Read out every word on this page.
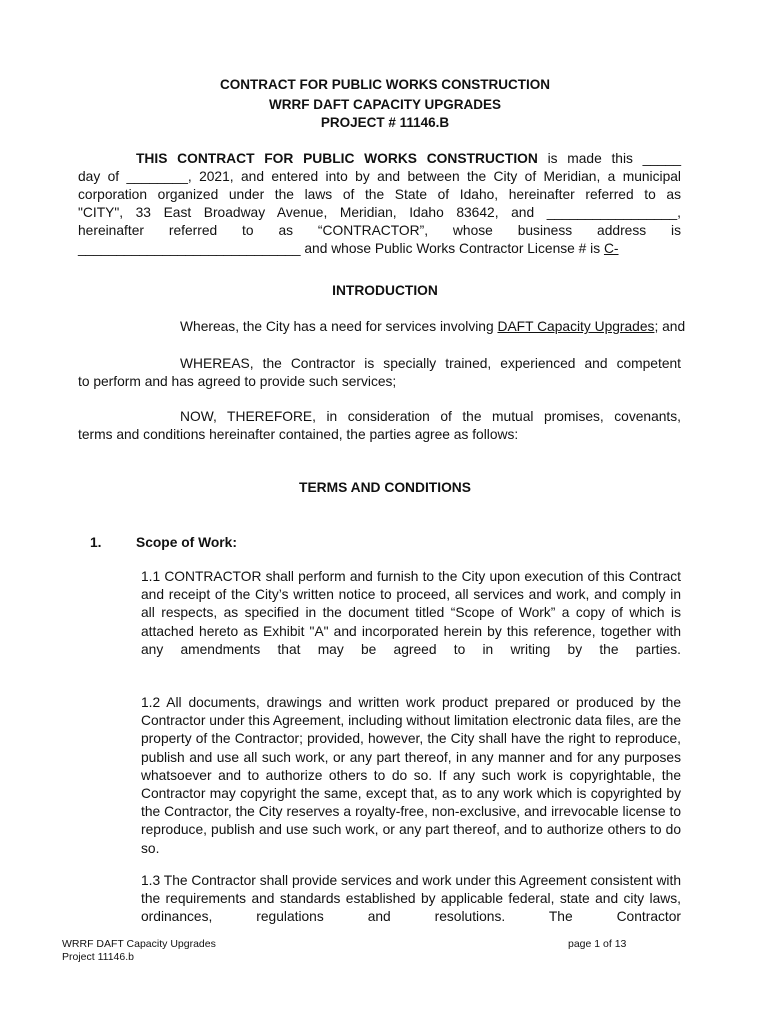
CONTRACT FOR PUBLIC WORKS CONSTRUCTION
WRRF DAFT CAPACITY UPGRADES
PROJECT # 11146.B
THIS CONTRACT FOR PUBLIC WORKS CONSTRUCTION is made this _____
day of ________, 2021, and entered into by and between the City of Meridian, a municipal
corporation organized under the laws of the State of Idaho, hereinafter referred to as
"CITY", 33 East Broadway Avenue, Meridian, Idaho 83642, and _________________,
hereinafter referred to as “CONTRACTOR”, whose business address is
_____________________________ and whose Public Works Contractor License # is C-
INTRODUCTION
Whereas, the City has a need for services involving DAFT Capacity Upgrades; and
WHEREAS, the Contractor is specially trained, experienced and competent
to perform and has agreed to provide such services;
NOW, THEREFORE, in consideration of the mutual promises, covenants,
terms and conditions hereinafter contained, the parties agree as follows:
TERMS AND CONDITIONS
1. Scope of Work:

1.1 CONTRACTOR shall perform and furnish to the City upon execution of this Contract and receipt of the City’s written notice to proceed, all services and work, and comply in all respects, as specified in the document titled “Scope of Work” a copy of which is attached hereto as Exhibit "A" and incorporated herein by this reference, together with any amendments that may be agreed to in writing by the parties.

1.2 All documents, drawings and written work product prepared or produced by the Contractor under this Agreement, including without limitation electronic data files, are the property of the Contractor; provided, however, the City shall have the right to reproduce, publish and use all such work, or any part thereof, in any manner and for any purposes whatsoever and to authorize others to do so. If any such work is copyrightable, the Contractor may copyright the same, except that, as to any work which is copyrighted by the Contractor, the City reserves a royalty-free, non-exclusive, and irrevocable license to reproduce, publish and use such work, or any part thereof, and to authorize others to do so.

1.3 The Contractor shall provide services and work under this Agreement consistent with the requirements and standards established by applicable federal, state and city laws, ordinances, regulations and resolutions. The Contractor

WRRF DAFT Capacity Upgrades
Project 11146.b
page 1 of 13
